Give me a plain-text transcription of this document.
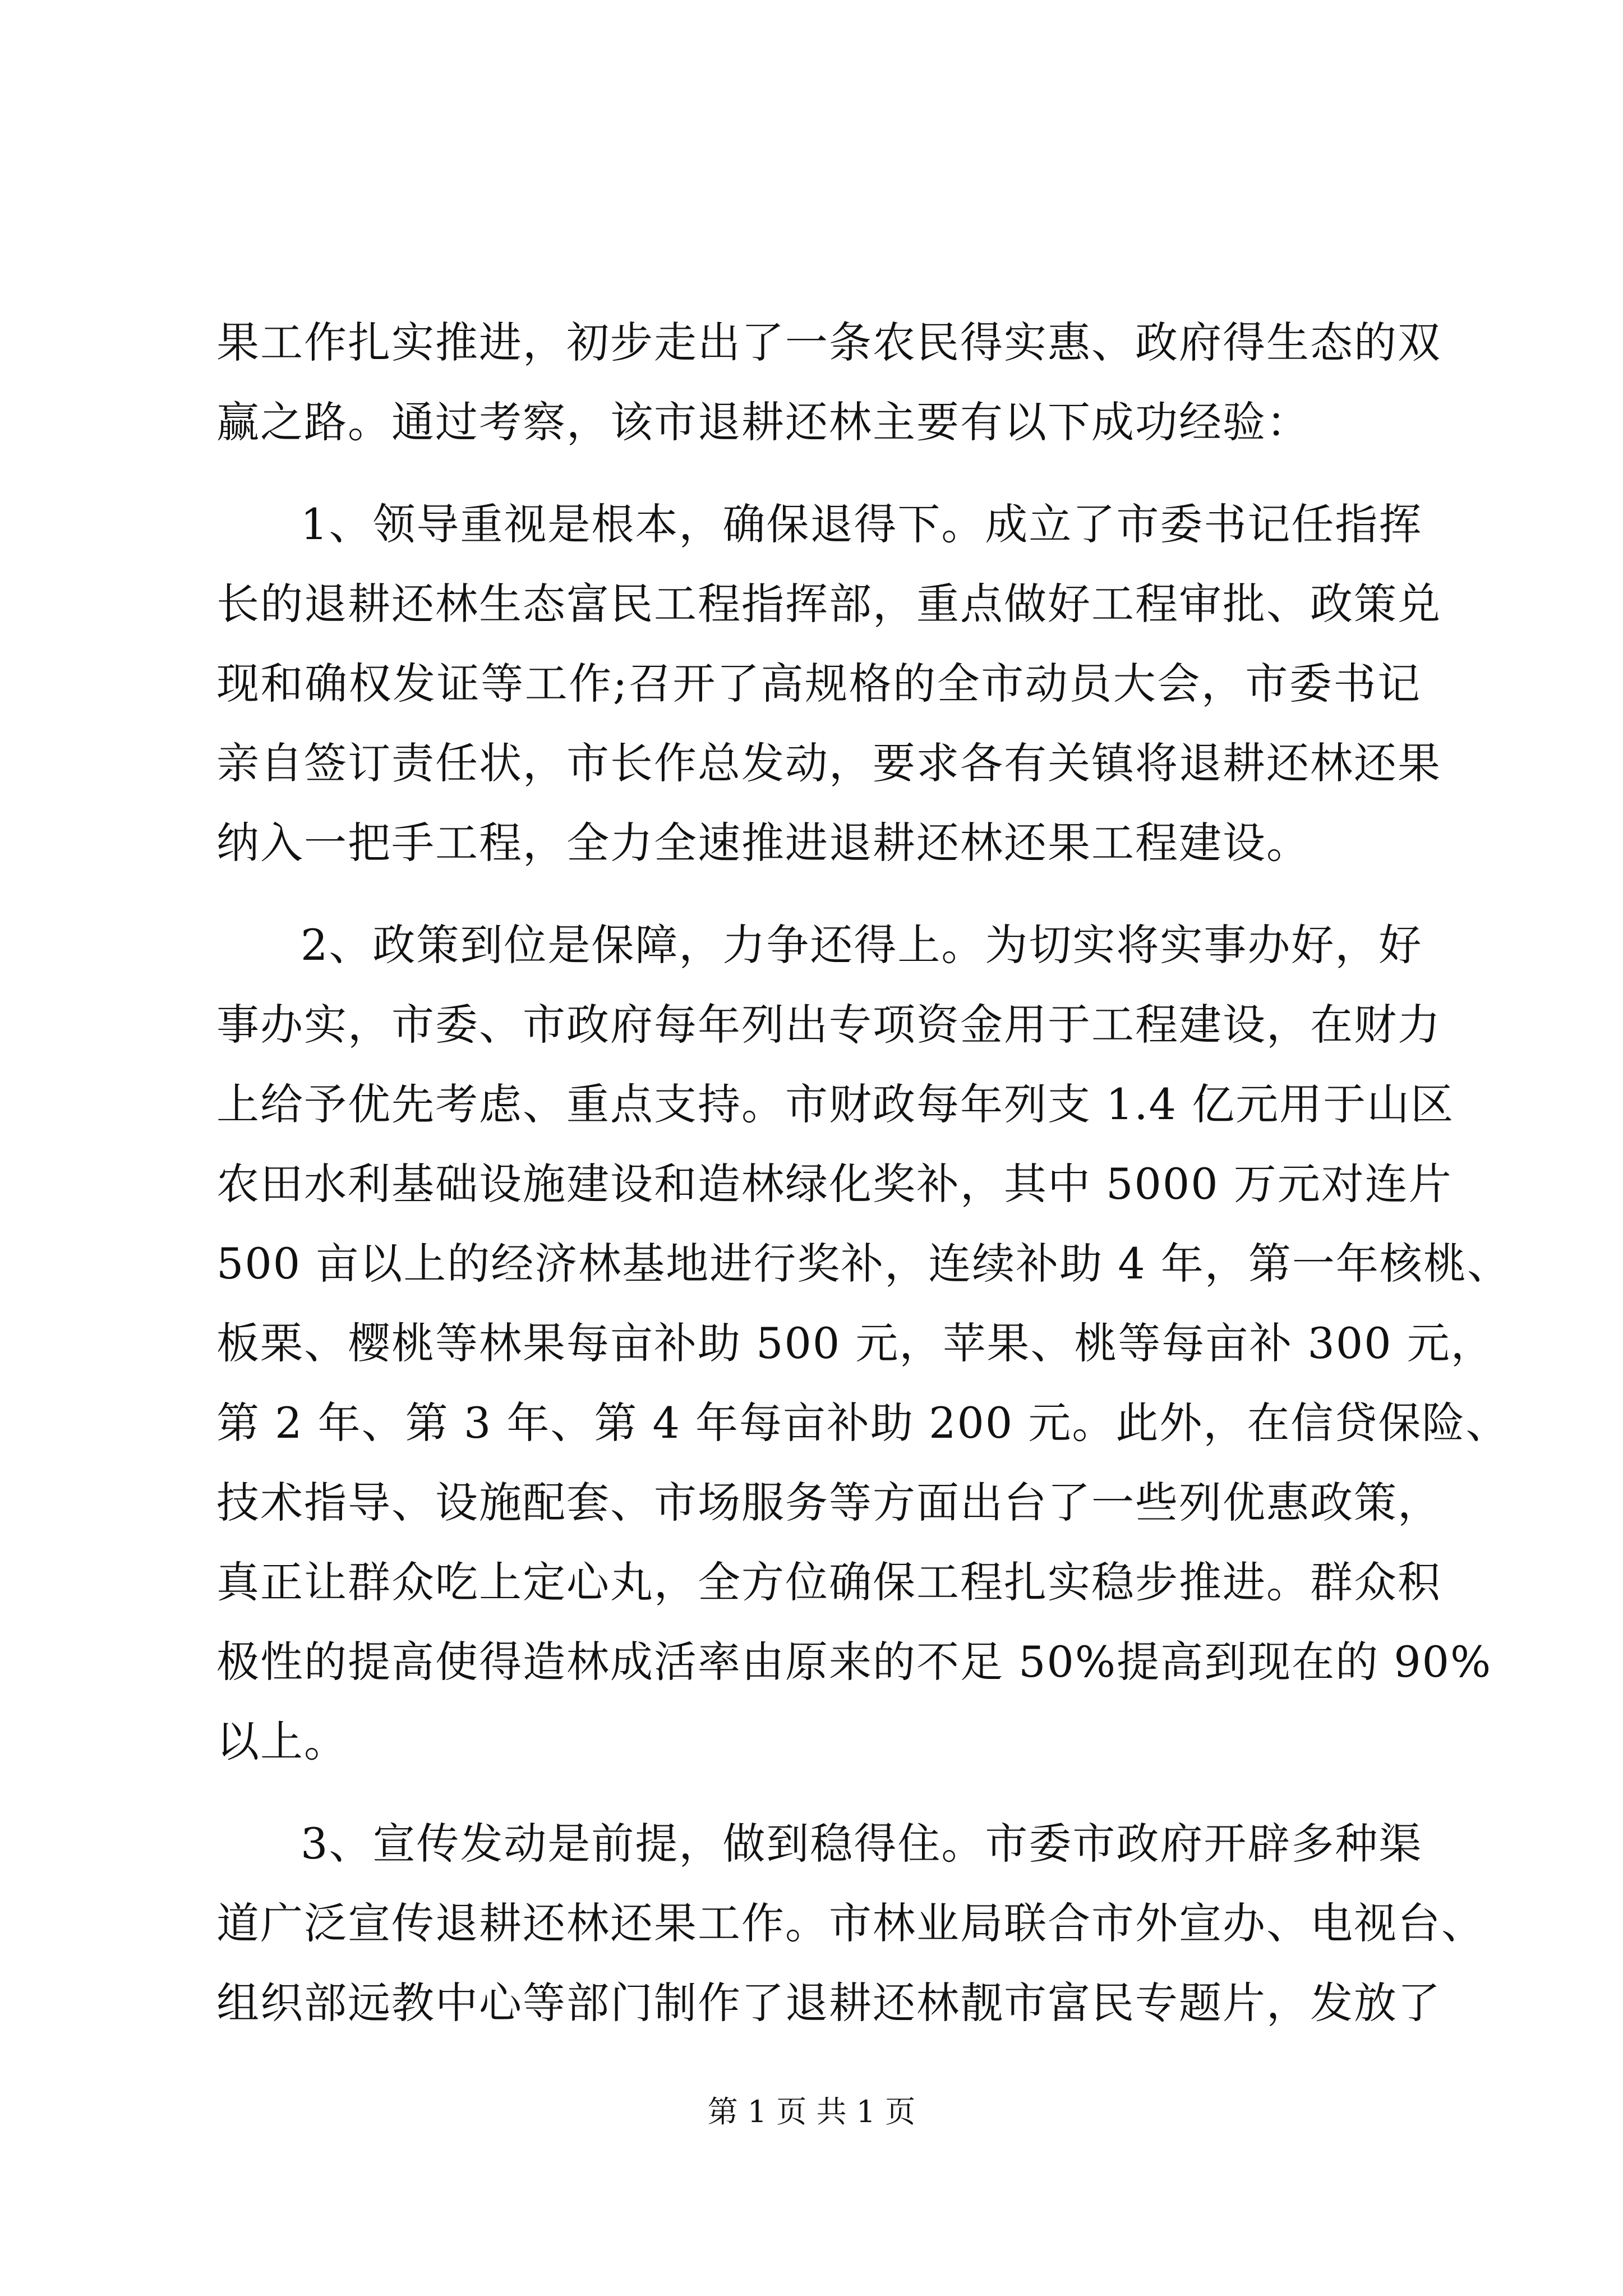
果工作扎实推进，初步走出了一条农民得实惠、政府得生态的双
赢之路。通过考察，该市退耕还林主要有以下成功经验：
1、领导重视是根本，确保退得下。成立了市委书记任指挥
长的退耕还林生态富民工程指挥部，重点做好工程审批、政策兑
现和确权发证等工作;召开了高规格的全市动员大会，市委书记
亲自签订责任状，市长作总发动，要求各有关镇将退耕还林还果
纳入一把手工程，全力全速推进退耕还林还果工程建设。
2、政策到位是保障，力争还得上。为切实将实事办好，好
事办实，市委、市政府每年列出专项资金用于工程建设，在财力
上给予优先考虑、重点支持。市财政每年列支 1.4 亿元用于山区
农田水利基础设施建设和造林绿化奖补，其中 5000 万元对连片
500 亩以上的经济林基地进行奖补，连续补助 4 年，第一年核桃、
板栗、樱桃等林果每亩补助 500 元，苹果、桃等每亩补 300 元，
第 2 年、第 3 年、第 4 年每亩补助 200 元。此外，在信贷保险、
技术指导、设施配套、市场服务等方面出台了一些列优惠政策，
真正让群众吃上定心丸，全方位确保工程扎实稳步推进。群众积
极性的提高使得造林成活率由原来的不足 50%提高到现在的 90%
以上。
3、宣传发动是前提，做到稳得住。市委市政府开辟多种渠
道广泛宣传退耕还林还果工作。市林业局联合市外宣办、电视台、
组织部远教中心等部门制作了退耕还林靓市富民专题片，发放了
第 1 页 共 1 页
